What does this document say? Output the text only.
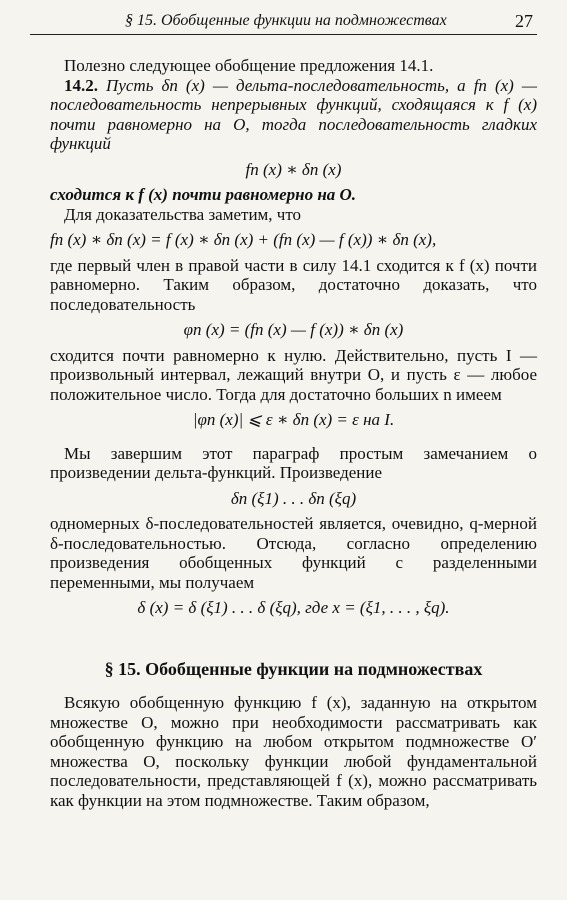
§ 15. Обобщенные функции на подмножествах	27

Полезно следующее обобщение предложения 14.1.

14.2. Пусть δn (x) — дельта-последовательность, а fn (x) — последовательность непрерывных функций, сходящаяся к f (x) почти равномерно на O, тогда последовательность гладких функций

fn (x) ∗ δn (x)

сходится к f (x) почти равномерно на O.

Для доказательства заметим, что

fn (x) ∗ δn (x) = f (x) ∗ δn (x) + (fn (x) — f (x)) ∗ δn (x),

где первый член в правой части в силу 14.1 сходится к f (x) почти равномерно. Таким образом, достаточно доказать, что последовательность

φn (x) = (fn (x) — f (x)) ∗ δn (x)

сходится почти равномерно к нулю. Действительно, пусть I — произвольный интервал, лежащий внутри O, и пусть ε — любое положительное число. Тогда для достаточно больших n имеем

|φn (x)| ⩽ ε ∗ δn (x) = ε на I.

Мы завершим этот параграф простым замечанием о произведении дельта-функций. Произведение

δn (ξ1) . . . δn (ξq)

одномерных δ-последовательностей является, очевидно, q-мерной δ-последовательностью. Отсюда, согласно определению произведения обобщенных функций с разделенными переменными, мы получаем

δ (x) = δ (ξ1) . . . δ (ξq), где x = (ξ1, . . . , ξq).
§ 15. Обобщенные функции на подмножествах

Всякую обобщенную функцию f (x), заданную на открытом множестве O, можно при необходимости рассматривать как обобщенную функцию на любом открытом подмножестве O′ множества O, поскольку функции любой фундаментальной последовательности, представляющей f (x), можно рассматривать как функции на этом подмножестве. Таким образом,
